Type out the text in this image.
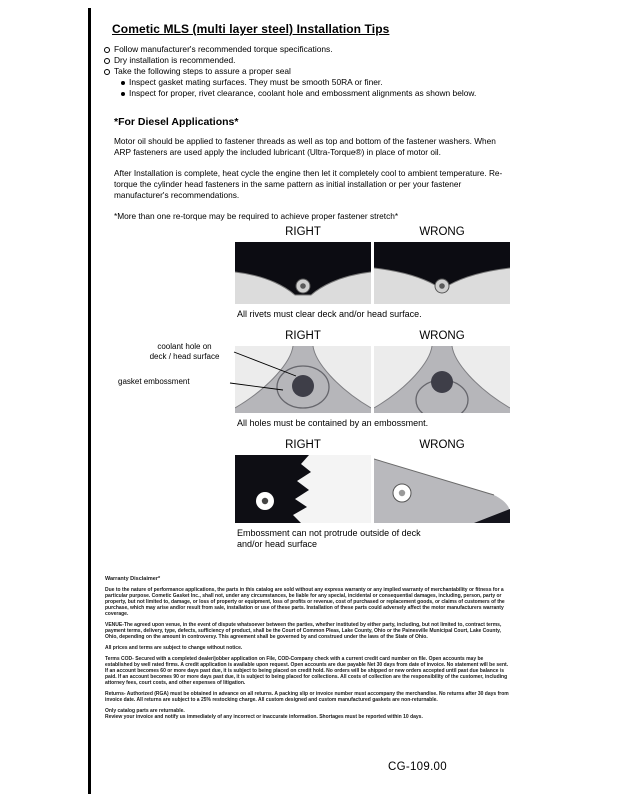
Cometic MLS (multi layer steel) Installation Tips
Follow manufacturer's recommended torque specifications.
Dry installation is recommended.
Take the following steps to assure a proper seal
Inspect gasket mating surfaces. They must be smooth 50RA or finer.
Inspect for proper, rivet clearance, coolant hole and embossment alignments as shown below.
*For Diesel Applications*

Motor oil should be applied to fastener threads as well as top and bottom of the fastener washers. When ARP fasteners are used apply the included lubricant (Ultra-Torque®) in place of motor oil.

After Installation is complete, heat cycle the engine then let it completely cool to ambient temperature. Re-torque the cylinder head fasteners in the same pattern as initial installation or per your fastener manufacturer's recommendations.

*More than one re-torque may be required to achieve proper fastener stretch*

RIGHT	WRONG
All rivets must clear deck and/or head surface.
RIGHT	WRONG
All holes must be contained by an embossment.
RIGHT	WRONG
Embossment can not protrude outside of deck
and/or head surface
coolant hole on
deck / head surface
gasket embossment
Warranty Disclaimer*

Due to the nature of performance applications, the parts in this catalog are sold without any express warranty or any implied warranty of merchantability or fitness for a particular purpose. Cometic Gasket Inc., shall not, under any circumstances, be liable for any special, incidental or consequential damages, including, person, party or property, but not limited to, damage, or loss of property or equipment, loss of profits or revenue, cost of purchased or replacement goods, or claims of customers of the purchase, which may arise and/or result from sale, installation or use of these parts. Installation of these parts could adversely affect the motor manufacturers warranty coverage.

VENUE-The agreed upon venue, in the event of dispute whatsoever between the parties, whether instituted by either party, including, but not limited to, contract terms, payment terms, delivery, type, defects, sufficiency of product, shall be the Court of Common Pleas, Lake County, Ohio or the Painesville Municipal Court, Lake County, Ohio, depending on the amount in controversy. This agreement shall be governed by and construed under the laws of the State of Ohio.

All prices and terms are subject to change without notice.

Terms COD- Secured with a completed dealer/jobber application on File, COD-Company check with a current credit card number on file. Open accounts may be established by well rated firms. A credit application is available upon request. Open accounts are due payable Net 30 days from date of invoice. No statement will be sent. If an account becomes 60 or more days past due, it is subject to being placed on credit hold. No orders will be shipped or new orders accepted until past due balance is paid. If an account becomes 90 or more days past due, it is subject to being placed for collections. All costs of collection are the responsibility of the customer, including attorney fees, court costs, and other expenses of litigation.

Returns- Authorized (RGA) must be obtained in advance on all returns. A packing slip or invoice number must accompany the merchandise. No returns after 30 days from invoice date. All returns are subject to a 25% restocking charge. All custom designed and custom manufactured gaskets are non-returnable.

Only catalog parts are returnable.

Review your invoice and notify us immediately of any incorrect or inaccurate information. Shortages must be reported within 10 days.

CG-109.00
